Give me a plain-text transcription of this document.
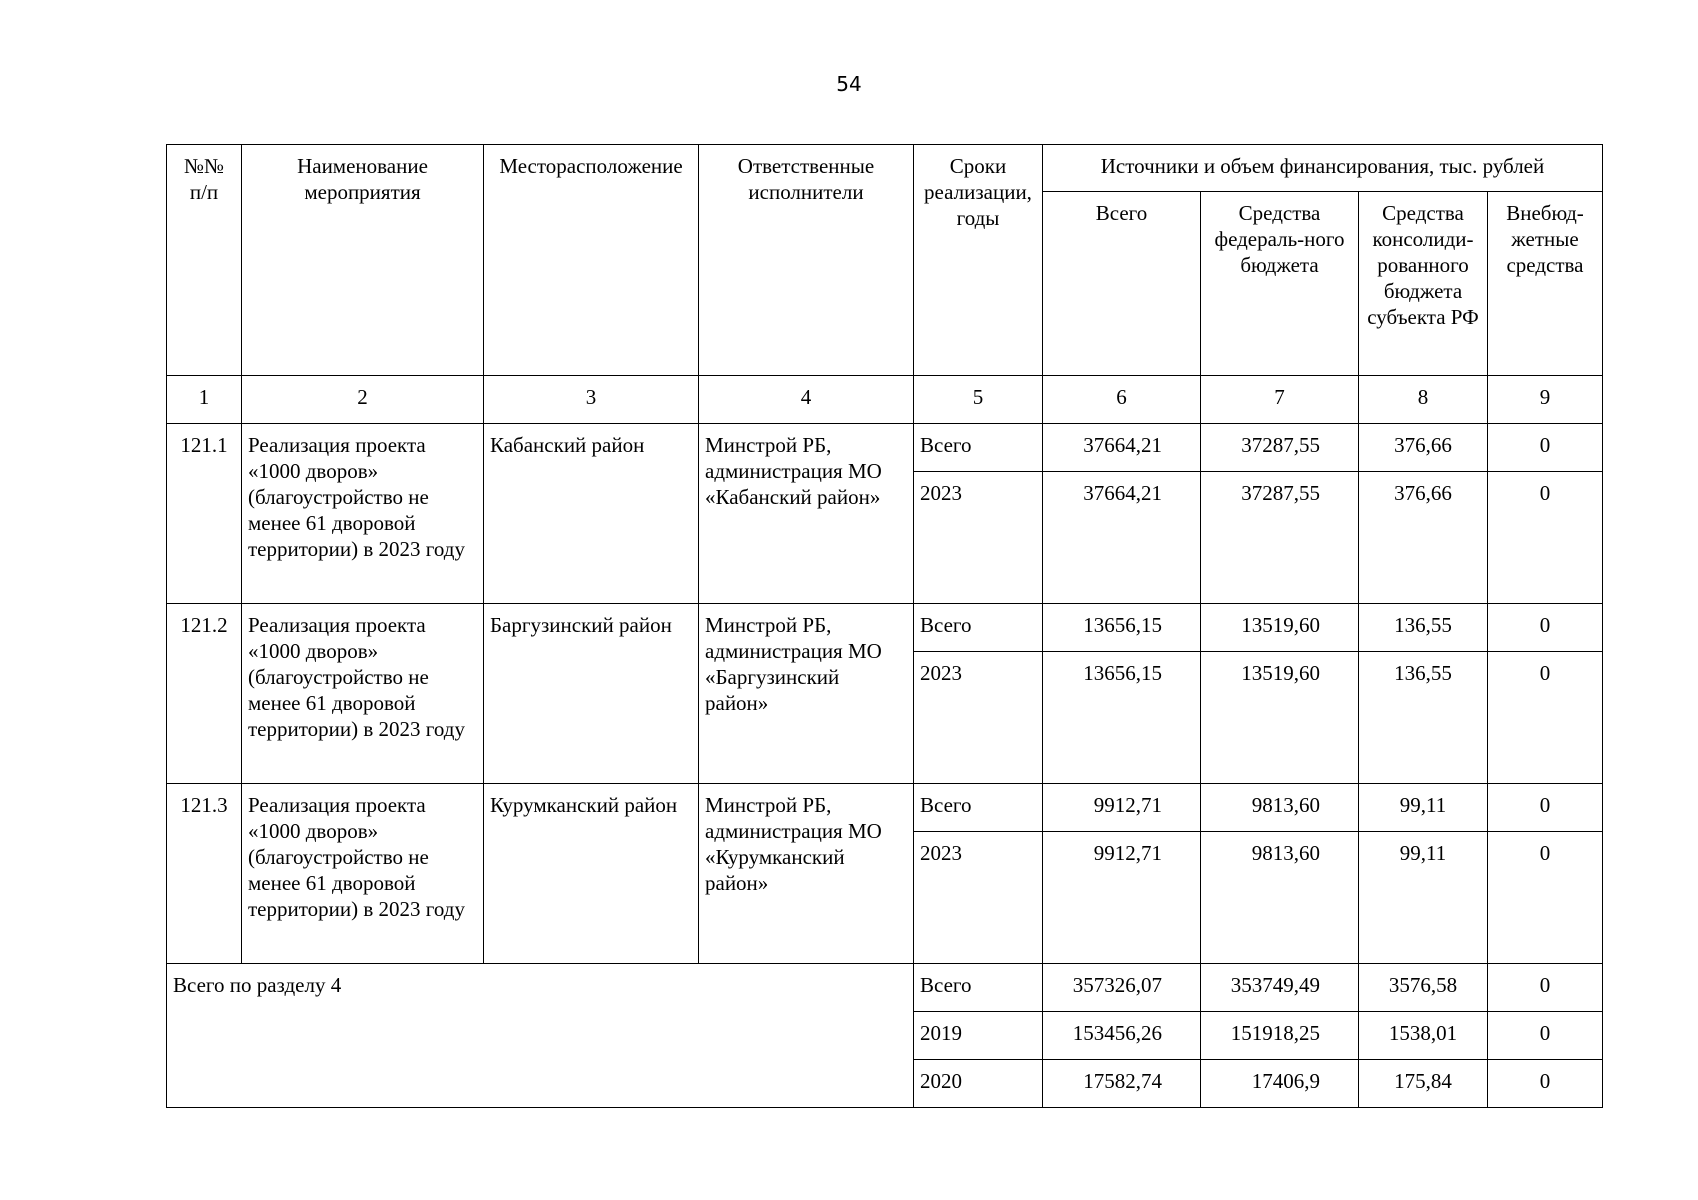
54
№№ п/п	Наименование мероприятия	Месторасположение	Ответственные исполнители	Сроки реализации, годы	Источники и объем финансирования, тыс. рублей			
					Всего	Средства федераль-ного бюджета	Средства консолиди-рованного бюджета субъекта РФ	Внебюд-жетные средства
1	2	3	4	5	6	7	8	9
121.1	Реализация проекта «1000 дворов» (благоустройство не менее 61 дворовой территории) в 2023 году	Кабанский район	Минстрой РБ, администрация МО «Кабанский район»	Всего	37664,21	37287,55	376,66	0
				2023	37664,21	37287,55	376,66	0
121.2	Реализация проекта «1000 дворов» (благоустройство не менее 61 дворовой территории) в 2023 году	Баргузинский район	Минстрой РБ, администрация МО «Баргузинский район»	Всего	13656,15	13519,60	136,55	0
				2023	13656,15	13519,60	136,55	0
121.3	Реализация проекта «1000 дворов» (благоустройство не менее 61 дворовой территории) в 2023 году	Курумканский район	Минстрой РБ, администрация МО «Курумканский район»	Всего	9912,71	9813,60	99,11	0
				2023	9912,71	9813,60	99,11	0
Всего по разделу 4				Всего	357326,07	353749,49	3576,58	0
				2019	153456,26	151918,25	1538,01	0
				2020	17582,74	17406,9	175,84	0
